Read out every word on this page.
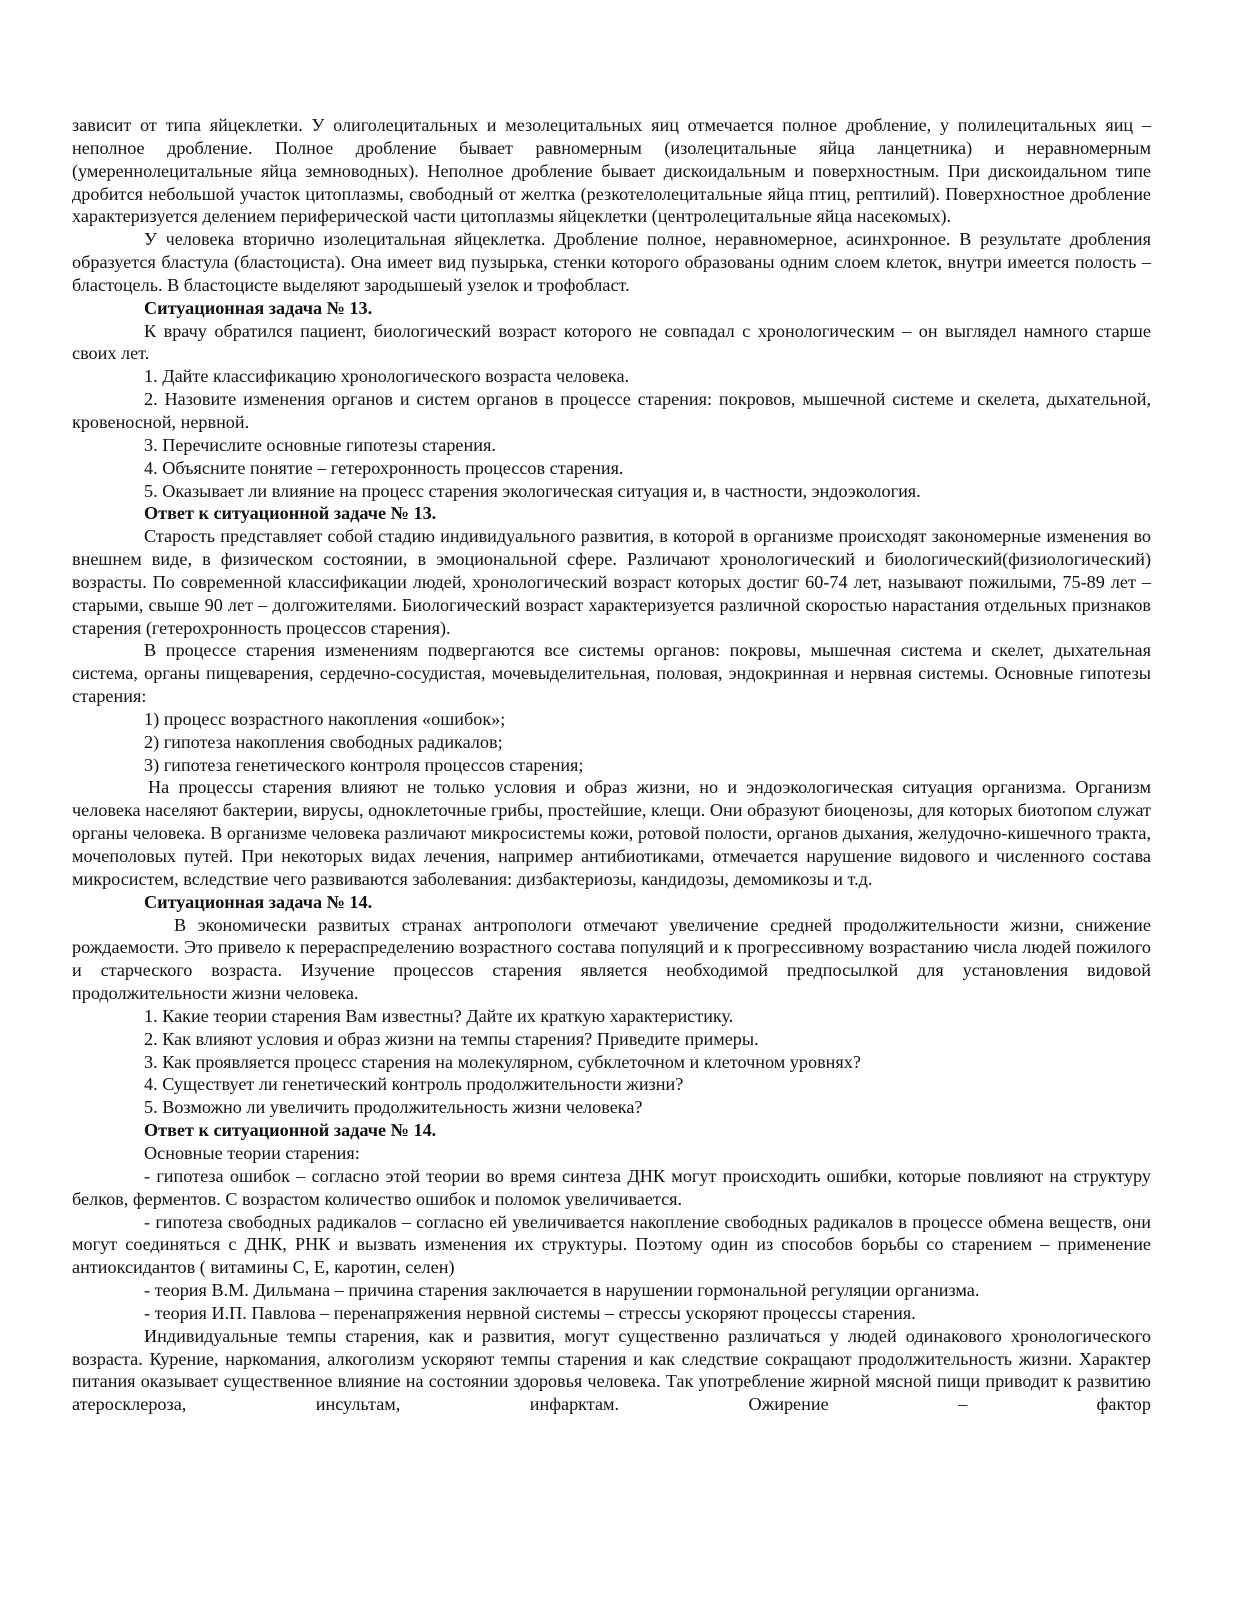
зависит от типа яйцеклетки. У олиголецитальных и мезолецитальных яиц отмечается полное дробление, у полилецитальных яиц – неполное дробление. Полное дробление бывает равномерным (изолецитальные яйца ланцетника) и неравномерным (умереннолецитальные яйца земноводных). Неполное дробление бывает дискоидальным и поверхностным. При дискоидальном типе дробится небольшой участок цитоплазмы, свободный от желтка (резкотелолецитальные яйца птиц, рептилий). Поверхностное дробление характеризуется делением периферической части цитоплазмы яйцеклетки (центролецитальные яйца насекомых).

У человека вторично изолецитальная яйцеклетка. Дробление полное, неравномерное, асинхронное. В результате дробления образуется бластула (бластоциста). Она имеет вид пузырька, стенки которого образованы одним слоем клеток, внутри имеется полость – бластоцель. В бластоцисте выделяют зародышеый узелок и трофобласт.

Ситуационная задача № 13.

К врачу обратился пациент, биологический возраст которого не совпадал с хронологическим – он выглядел намного старше своих лет.

1. Дайте классификацию хронологического возраста человека.

2. Назовите изменения органов и систем органов в процессе старения: покровов, мышечной системе и скелета, дыхательной, кровеносной, нервной.

3. Перечислите основные гипотезы старения.

4. Объясните понятие – гетерохронность процессов старения.

5. Оказывает ли влияние на процесс старения экологическая ситуация и, в частности, эндоэкология.

Ответ к ситуационной задаче № 13.

Старость представляет собой стадию индивидуального развития, в которой в организме происходят закономерные изменения во внешнем виде, в физическом состоянии, в эмоциональной сфере. Различают хронологический и биологический(физиологический) возрасты. По современной классификации людей, хронологический возраст которых достиг 60-74 лет, называют пожилыми, 75-89 лет – старыми, свыше 90 лет – долгожителями. Биологический возраст характеризуется различной скоростью нарастания отдельных признаков старения (гетерохронность процессов старения).

В процессе старения изменениям подвергаются все системы органов: покровы, мышечная система и скелет, дыхательная система, органы пищеварения, сердечно-сосудистая, мочевыделительная, половая, эндокринная и нервная системы. Основные гипотезы старения:

1) процесс возрастного накопления «ошибок»;

2) гипотеза накопления свободных радикалов;

3) гипотеза генетического контроля процессов старения;

На процессы старения влияют не только условия и образ жизни, но и эндоэкологическая ситуация организма. Организм человека населяют бактерии, вирусы, одноклеточные грибы, простейшие, клещи. Они образуют биоценозы, для которых биотопом служат органы человека. В организме человека различают микросистемы кожи, ротовой полости, органов дыхания, желудочно-кишечного тракта, мочеполовых путей. При некоторых видах лечения, например антибиотиками, отмечается нарушение видового и численного состава микросистем, вследствие чего развиваются заболевания: дизбактериозы, кандидозы, демомикозы и т.д.

Ситуационная задача № 14.

В экономически развитых странах антропологи отмечают увеличение средней продолжительности жизни, снижение рождаемости. Это привело к перераспределению возрастного состава популяций и к прогрессивному возрастанию числа людей пожилого и старческого возраста. Изучение процессов старения является необходимой предпосылкой для установления видовой продолжительности жизни человека.

1. Какие теории старения Вам известны? Дайте их краткую характеристику.

2. Как влияют условия и образ жизни на темпы старения? Приведите примеры.

3. Как проявляется процесс старения на молекулярном, субклеточном и клеточном уровнях?

4. Существует ли генетический контроль продолжительности жизни?

5. Возможно ли увеличить продолжительность жизни человека?

Ответ к ситуационной задаче № 14.

Основные теории старения:

- гипотеза ошибок – согласно этой теории во время синтеза ДНК могут происходить ошибки, которые повлияют на структуру белков, ферментов. С возрастом количество ошибок и поломок увеличивается.

- гипотеза свободных радикалов – согласно ей увеличивается накопление свободных радикалов в процессе обмена веществ, они могут соединяться с ДНК, РНК и вызвать изменения их структуры. Поэтому один из способов борьбы со старением – применение антиоксидантов ( витамины С, Е, каротин, селен)

- теория В.М. Дильмана – причина старения заключается в нарушении гормональной регуляции организма.

- теория И.П. Павлова – перенапряжения нервной системы – стрессы ускоряют процессы старения.

Индивидуальные темпы старения, как и развития, могут существенно различаться у людей одинакового хронологического возраста. Курение, наркомания, алкоголизм ускоряют темпы старения и как следствие сокращают продолжительность жизни. Характер питания оказывает существенное влияние на состоянии здоровья человека. Так употребление жирной мясной пищи приводит к развитию атеросклероза, инсультам, инфарктам. Ожирение – фактор
